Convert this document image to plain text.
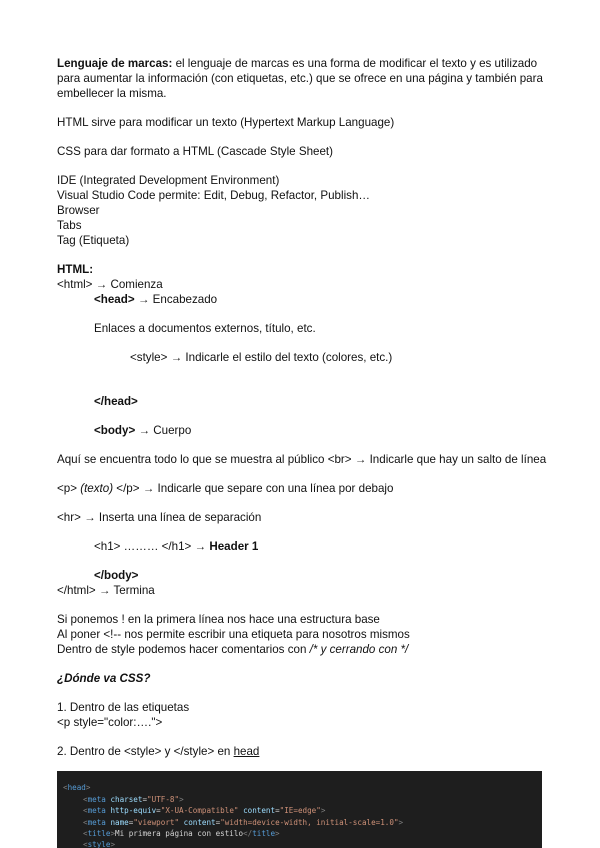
Lenguaje de marcas: el lenguaje de marcas es una forma de modificar el texto y es utilizado para aumentar la información (con etiquetas, etc.) que se ofrece en una página y también para embellecer la misma.

HTML sirve para modificar un texto (Hypertext Markup Language)

CSS para dar formato a HTML (Cascade Style Sheet)

IDE (Integrated Development Environment)

Visual Studio Code permite: Edit, Debug, Refactor, Publish…

Browser

Tabs

Tag (Etiqueta)

HTML:

<html> → Comienza

<head> → Encabezado

Enlaces a documentos externos, título, etc.

<style> → Indicarle el estilo del texto (colores, etc.)

</head>

<body> → Cuerpo

Aquí se encuentra todo lo que se muestra al público <br> → Indicarle que hay un salto de línea

<p> (texto) </p> → Indicarle que separe con una línea por debajo

<hr> → Inserta una línea de separación

<h1> ……… </h1> → Header 1

</body>

</html> → Termina

Si ponemos ! en la primera línea nos hace una estructura base

Al poner <!-- nos permite escribir una etiqueta para nosotros mismos

Dentro de style podemos hacer comentarios con /* y cerrando con */

¿Dónde va CSS?

1. Dentro de las etiquetas

<p style="color:….">

2. Dentro de <style> y </style> en head

<head>
<meta charset="UTF-8">
<meta http-equiv="X-UA-Compatible" content="IE=edge">
<meta name="viewport" content="width=device-width, initial-scale=1.0">
<title>Mi primera página con estilo</title>
<style>
